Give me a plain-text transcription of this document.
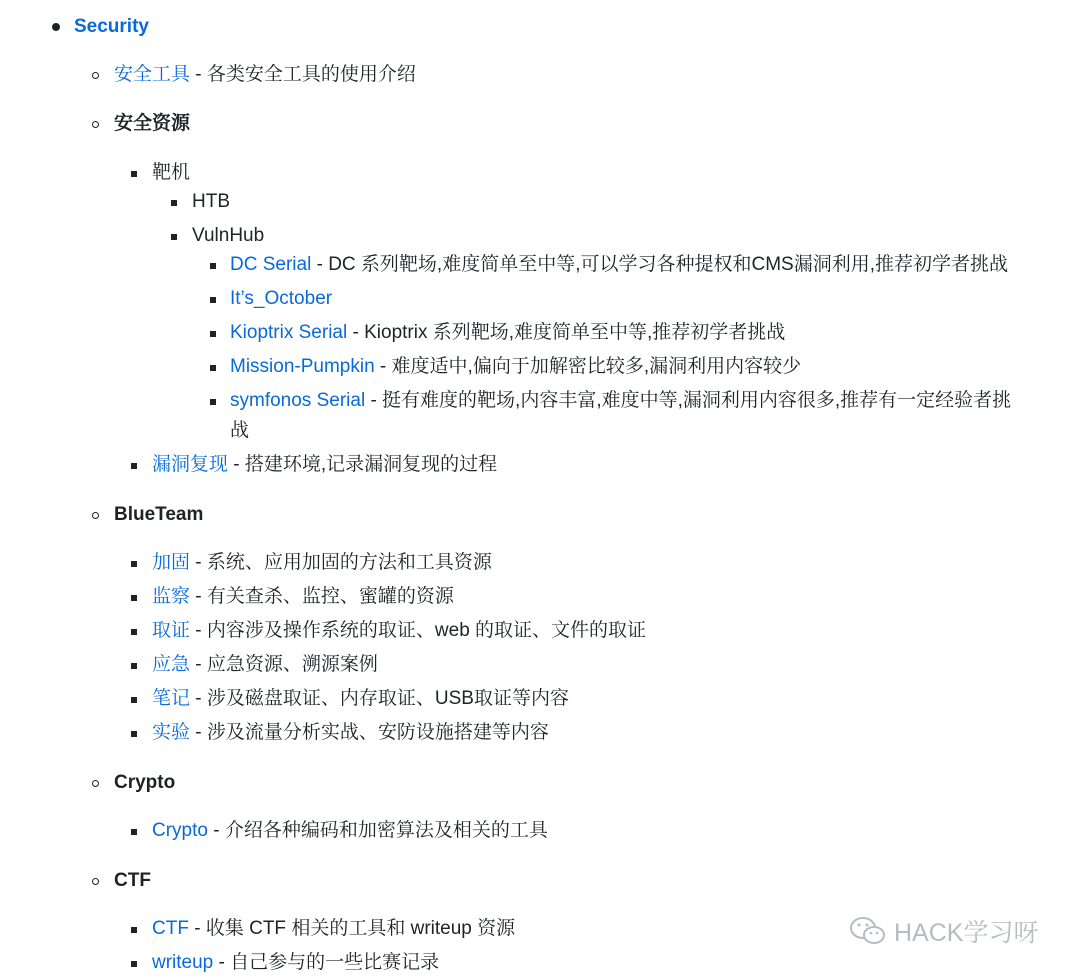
Security
安全工具 - 各类安全工具的使用介绍
安全资源
靶机
HTB
VulnHub
DC Serial - DC 系列靶场,难度简单至中等,可以学习各种提权和CMS漏洞利用,推荐初学者挑战
It’s_October
Kioptrix Serial - Kioptrix 系列靶场,难度简单至中等,推荐初学者挑战
Mission-Pumpkin - 难度适中,偏向于加解密比较多,漏洞利用内容较少
symfonos Serial - 挺有难度的靶场,内容丰富,难度中等,漏洞利用内容很多,推荐有一定经验者挑
战
漏洞复现 - 搭建环境,记录漏洞复现的过程
BlueTeam
加固 - 系统、应用加固的方法和工具资源
监察 - 有关查杀、监控、蜜罐的资源
取证 - 内容涉及操作系统的取证、web 的取证、文件的取证
应急 - 应急资源、溯源案例
笔记 - 涉及磁盘取证、内存取证、USB取证等内容
实验 - 涉及流量分析实战、安防设施搭建等内容
Crypto
Crypto - 介绍各种编码和加密算法及相关的工具
CTF
CTF - 收集 CTF 相关的工具和 writeup 资源
writeup - 自己参与的一些比赛记录
HACK学习呀
